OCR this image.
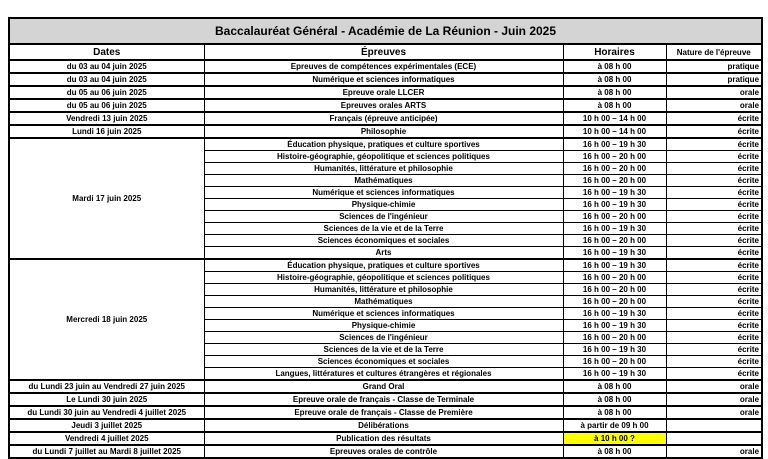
Baccalauréat Général - Académie de La Réunion - Juin 2025			
Dates	Épreuves	Horaires	Nature de l'épreuve
du 03 au 04 juin 2025	Epreuves de compétences expérimentales (ECE)	à 08 h 00	pratique
du 03 au 04 juin 2025	Numérique et sciences informatiques	à 08 h 00	pratique
du 05 au 06 juin 2025	Epreuve orale LLCER	à 08 h 00	orale
du 05 au 06 juin 2025	Epreuves orales ARTS	à 08 h 00	orale
Vendredi 13 juin 2025	Français (épreuve anticipée)	10 h 00 – 14 h 00	écrite
Lundi 16 juin 2025	Philosophie	10 h 00 – 14 h 00	écrite
Mardi 17 juin 2025	Éducation physique, pratiques et culture sportives	16 h 00 – 19 h 30	écrite
	Histoire-géographie, géopolitique et sciences politiques	16 h 00 – 20 h 00	écrite
	Humanités, littérature et philosophie	16 h 00 – 20 h 00	écrite
	Mathématiques	16 h 00 – 20 h 00	écrite
	Numérique et sciences informatiques	16 h 00 – 19 h 30	écrite
	Physique-chimie	16 h 00 – 19 h 30	écrite
	Sciences de l'ingénieur	16 h 00 – 20 h 00	écrite
	Sciences de la vie et de la Terre	16 h 00 – 19 h 30	écrite
	Sciences économiques et sociales	16 h 00 – 20 h 00	écrite
	Arts	16 h 00 – 19 h 30	écrite
Mercredi 18 juin 2025	Éducation physique, pratiques et culture sportives	16 h 00 – 19 h 30	écrite
	Histoire-géographie, géopolitique et sciences politiques	16 h 00 – 20 h 00	écrite
	Humanités, littérature et philosophie	16 h 00 – 20 h 00	écrite
	Mathématiques	16 h 00 – 20 h 00	écrite
	Numérique et sciences informatiques	16 h 00 – 19 h 30	écrite
	Physique-chimie	16 h 00 – 19 h 30	écrite
	Sciences de l'ingénieur	16 h 00 – 20 h 00	écrite
	Sciences de la vie et de la Terre	16 h 00 – 19 h 30	écrite
	Sciences économiques et sociales	16 h 00 – 20 h 00	écrite
	Langues, littératures et cultures étrangères et régionales	16 h 00 – 19 h 30	écrite
du Lundi 23 juin au Vendredi 27 juin 2025	Grand Oral	à 08 h 00	orale
Le Lundi 30 juin 2025	Epreuve orale de français - Classe de Terminale	à 08 h 00	orale
du Lundi 30 juin au Vendredi 4 juillet 2025	Epreuve orale de français - Classe de Première	à 08 h 00	orale
Jeudi 3 juillet 2025	Délibérations	à partir de 09 h 00	
Vendredi 4 juillet 2025	Publication des résultats	à 10 h 00 ?	
du Lundi 7 juillet au Mardi 8 juillet 2025	Epreuves orales de contrôle	à 08 h 00	orale
